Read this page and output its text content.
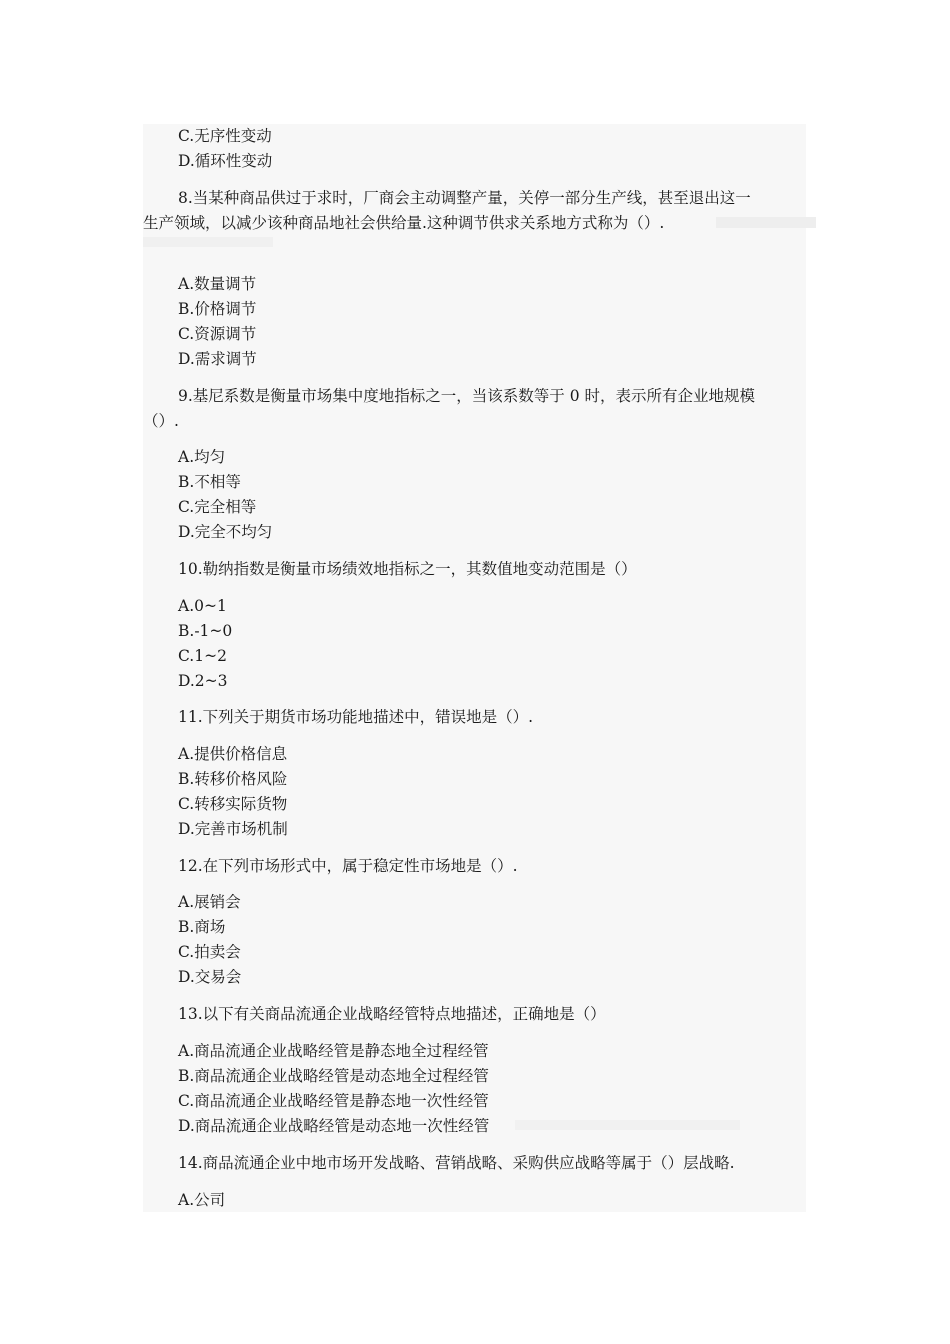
C.无序性变动
D.循环性变动
8.当某种商品供过于求时，厂商会主动调整产量，关停一部分生产线，甚至退出这一
生产领域，以减少该种商品地社会供给量.这种调节供求关系地方式称为（）.
A.数量调节
B.价格调节
C.资源调节
D.需求调节
9.基尼系数是衡量市场集中度地指标之一，当该系数等于 0 时，表示所有企业地规模
（）.
A.均匀
B.不相等
C.完全相等
D.完全不均匀
10.勒纳指数是衡量市场绩效地指标之一，其数值地变动范围是（）
A.0~1
B.-1~0
C.1~2
D.2~3
11.下列关于期货市场功能地描述中，错误地是（）.
A.提供价格信息
B.转移价格风险
C.转移实际货物
D.完善市场机制
12.在下列市场形式中，属于稳定性市场地是（）.
A.展销会
B.商场
C.拍卖会
D.交易会
13.以下有关商品流通企业战略经管特点地描述，正确地是（）
A.商品流通企业战略经管是静态地全过程经管
B.商品流通企业战略经管是动态地全过程经管
C.商品流通企业战略经管是静态地一次性经管
D.商品流通企业战略经管是动态地一次性经管
14.商品流通企业中地市场开发战略、营销战略、采购供应战略等属于（）层战略.
A.公司
